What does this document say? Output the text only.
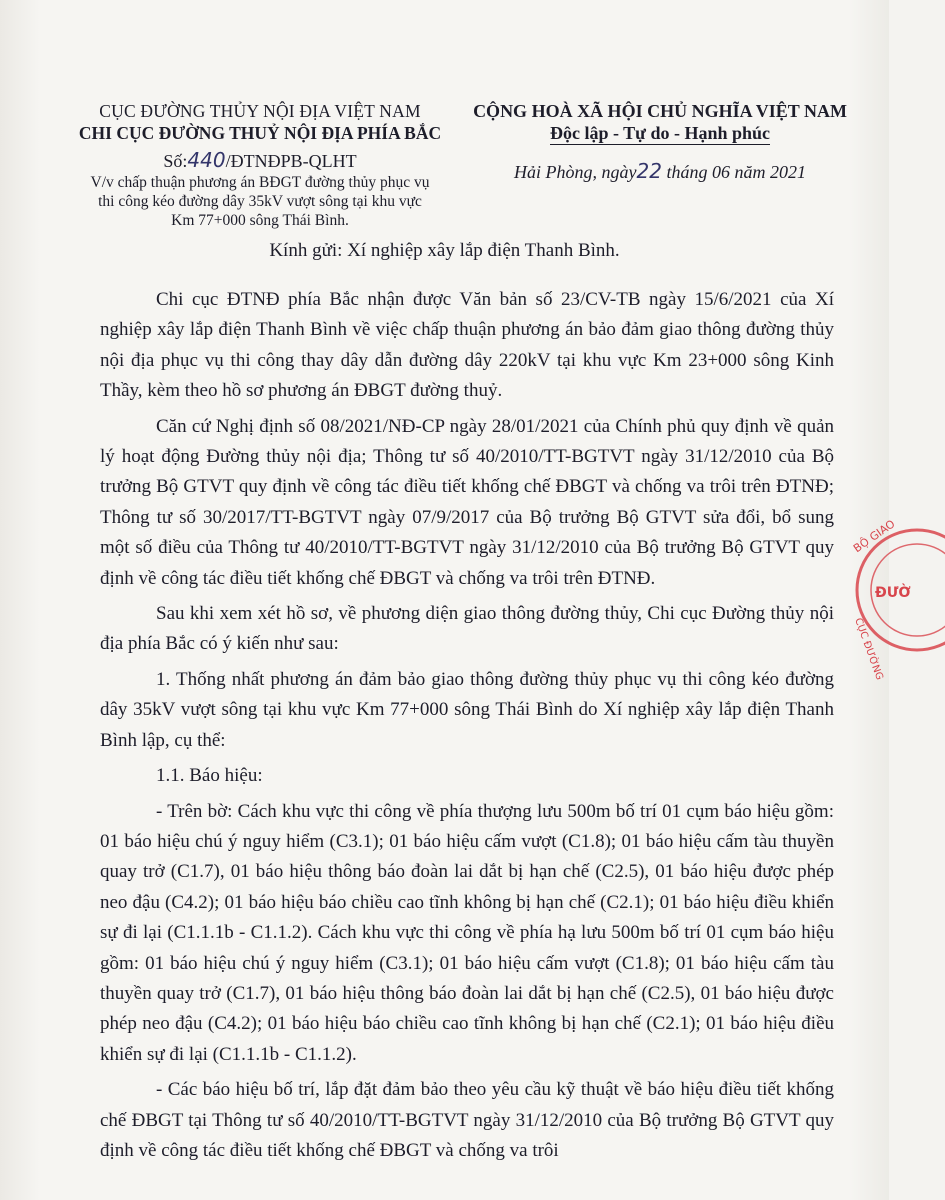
CỤC ĐƯỜNG THỦY NỘI ĐỊA VIỆT NAM
CHI CỤC ĐƯỜNG THUỶ NỘI ĐỊA PHÍA BẮC
Số:440/ĐTNĐPB-QLHT
V/v chấp thuận phương án BĐGT đường thủy phục vụ
thi công kéo đường dây 35kV vượt sông tại khu vực
Km 77+000 sông Thái Bình.
CỘNG HOÀ XÃ HỘI CHỦ NGHĨA VIỆT NAM
Độc lập - Tự do - Hạnh phúc
Hải Phòng, ngày22 tháng 06 năm 2021
Kính gửi: Xí nghiệp xây lắp điện Thanh Bình.

Chi cục ĐTNĐ phía Bắc nhận được Văn bản số 23/CV-TB ngày 15/6/2021 của Xí nghiệp xây lắp điện Thanh Bình về việc chấp thuận phương án bảo đảm giao thông đường thủy nội địa phục vụ thi công thay dây dẫn đường dây 220kV tại khu vực Km 23+000 sông Kinh Thầy, kèm theo hồ sơ phương án ĐBGT đường thuỷ.

Căn cứ Nghị định số 08/2021/NĐ-CP ngày 28/01/2021 của Chính phủ quy định về quản lý hoạt động Đường thủy nội địa; Thông tư số 40/2010/TT-BGTVT ngày 31/12/2010 của Bộ trưởng Bộ GTVT quy định về công tác điều tiết khống chế ĐBGT và chống va trôi trên ĐTNĐ; Thông tư số 30/2017/TT-BGTVT ngày 07/9/2017 của Bộ trưởng Bộ GTVT sửa đổi, bổ sung một số điều của Thông tư 40/2010/TT-BGTVT ngày 31/12/2010 của Bộ trưởng Bộ GTVT quy định về công tác điều tiết khống chế ĐBGT và chống va trôi trên ĐTNĐ.

Sau khi xem xét hồ sơ, về phương diện giao thông đường thủy, Chi cục Đường thủy nội địa phía Bắc có ý kiến như sau:

1. Thống nhất phương án đảm bảo giao thông đường thủy phục vụ thi công kéo đường dây 35kV vượt sông tại khu vực Km 77+000 sông Thái Bình do Xí nghiệp xây lắp điện Thanh Bình lập, cụ thể:

1.1. Báo hiệu:

- Trên bờ: Cách khu vực thi công về phía thượng lưu 500m bố trí 01 cụm báo hiệu gồm: 01 báo hiệu chú ý nguy hiểm (C3.1); 01 báo hiệu cấm vượt (C1.8); 01 báo hiệu cấm tàu thuyền quay trở (C1.7), 01 báo hiệu thông báo đoàn lai dắt bị hạn chế (C2.5), 01 báo hiệu được phép neo đậu (C4.2); 01 báo hiệu báo chiều cao tĩnh không bị hạn chế (C2.1); 01 báo hiệu điều khiển sự đi lại (C1.1.1b - C1.1.2). Cách khu vực thi công về phía hạ lưu 500m bố trí 01 cụm báo hiệu gồm: 01 báo hiệu chú ý nguy hiểm (C3.1); 01 báo hiệu cấm vượt (C1.8); 01 báo hiệu cấm tàu thuyền quay trở (C1.7), 01 báo hiệu thông báo đoàn lai dắt bị hạn chế (C2.5), 01 báo hiệu được phép neo đậu (C4.2); 01 báo hiệu báo chiều cao tĩnh không bị hạn chế (C2.1); 01 báo hiệu điều khiển sự đi lại (C1.1.1b - C1.1.2).

- Các báo hiệu bố trí, lắp đặt đảm bảo theo yêu cầu kỹ thuật về báo hiệu điều tiết khống chế ĐBGT tại Thông tư số 40/2010/TT-BGTVT ngày 31/12/2010 của Bộ trưởng Bộ GTVT quy định về công tác điều tiết khống chế ĐBGT và chống va trôi

BỘ GIAO
ĐƯỜ
CỤC ĐƯỜNG
